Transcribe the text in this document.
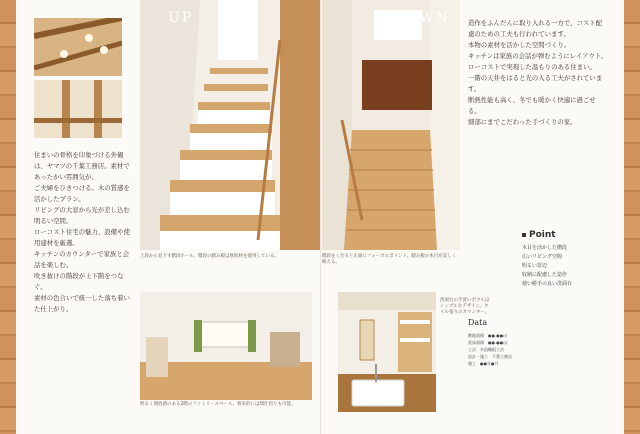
住まいの骨格を印象づける外観は、ヤマツの千葉工務店。素材であったかい雰囲気が、
ご夫婦をひきつける。木の質感を活かしたプラン。
リビングの大窓から光が差し込む明るい空間。
ローコスト住宅の魅力、設備や使用建材を厳選。
キッチンのカウンターで家族と会話を楽しむ。
吹き抜けの階段が上下階をつなぐ。
素材の色合いで統一した落ち着いた仕上がり。
UP
上段から見下す階段ホール。階段の踏み板は無垢材を使用している。
明るく開放感のある2階のファミリースペース。将来的には間仕切りも可能。
DOWN
階段をくだると正面にフォーカルポイント。踏み板の木目が美しく映える。
造作をふんだんに取り入れる一方で、コスト配慮のための工夫も行われています。
本物の素材を活かした空間づくり。
キッチンは家族の会話が弾むようにレイアウト。
ローコストで実現した温もりのある住まい。
一階の天井をはると光の入る工夫がされています。
断熱性能も高く、冬でも暖かく快適に過ごせる。
細部にまでこだわった手づくりの家。
Point
木目を活かした階段
広いリビング空間
明るい窓辺
収納に配慮した造作
使い勝手の良い洗面台
洗面台の手洗いボウルはシンプルなデザイン。タイル張りのカウンター。
Data
敷地面積　●●.●●㎡
延床面積　●●.●●㎡
工法　木造軸組工法
設計・施工　千葉工務店
竣工　●●年●月
